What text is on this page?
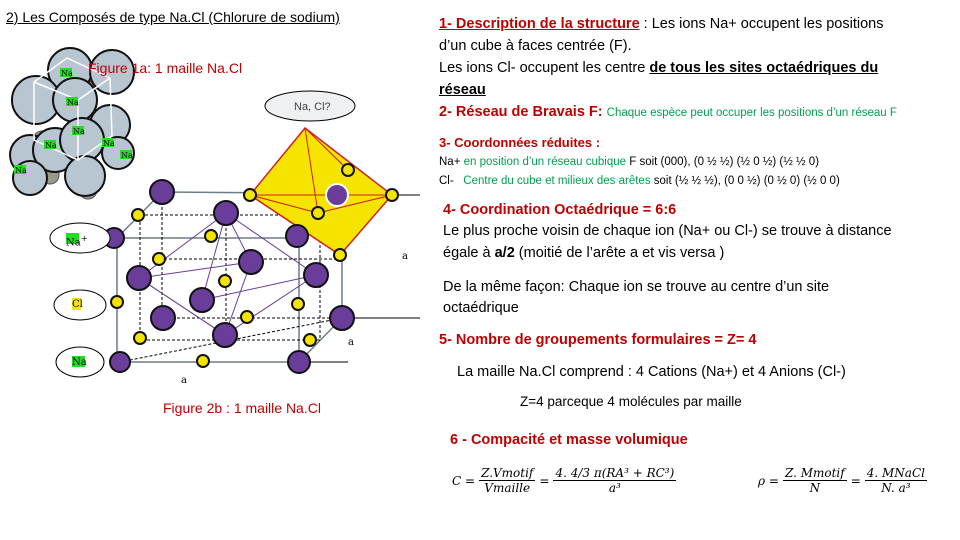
2) Les Composés de type Na.Cl (Chlorure de sodium)
Na
Na
Na
Na	Na
Na
Na
Figure 1a: 1 maille Na.Cl
Na, Cl?
Na+
Cl
Na
a
a
a
Figure 2b : 1 maille Na.Cl
1- Description de la structure : Les ions Na+ occupent les positions
d’un cube à faces centrée (F).
Les ions Cl- occupent les centre de tous les sites octaédriques du
réseau
2- Réseau de Bravais F: Chaque espèce peut occuper les positions d’un réseau F
3- Coordonnées réduites :
Na+ en position d’un réseau cubique F soit (000), (0 ½ ½) (½ 0 ½) (½ ½ 0)
Cl-   Centre du cube et milieux des arêtes soit (½ ½ ½), (0 0 ½) (0 ½ 0) (½ 0 0)
4- Coordination Octaédrique = 6:6
Le plus proche voisin de chaque ion (Na+ ou Cl-) se trouve à distance
égale à a/2 (moitié de l’arête a et vis versa )
De la même façon: Chaque ion se trouve au centre d’un site
octaédrique
5- Nombre de groupements formulaires = Z= 4
La maille Na.Cl comprend : 4 Cations (Na+) et 4 Anions (Cl-)
Z=4 parceque 4 molécules par maille
6 - Compacité et masse volumique
$C = \frac{\text{Z.Vmotif}}{\text{Vmaille}} = \frac{\text{4. 4/3 π(RA³ + RC³)}}{\text{a³}}$	$\rho = \frac{\text{Z. Mmotif}}{N} = \frac{\text{4. MNaCl}}{\text{N. a³}}$
